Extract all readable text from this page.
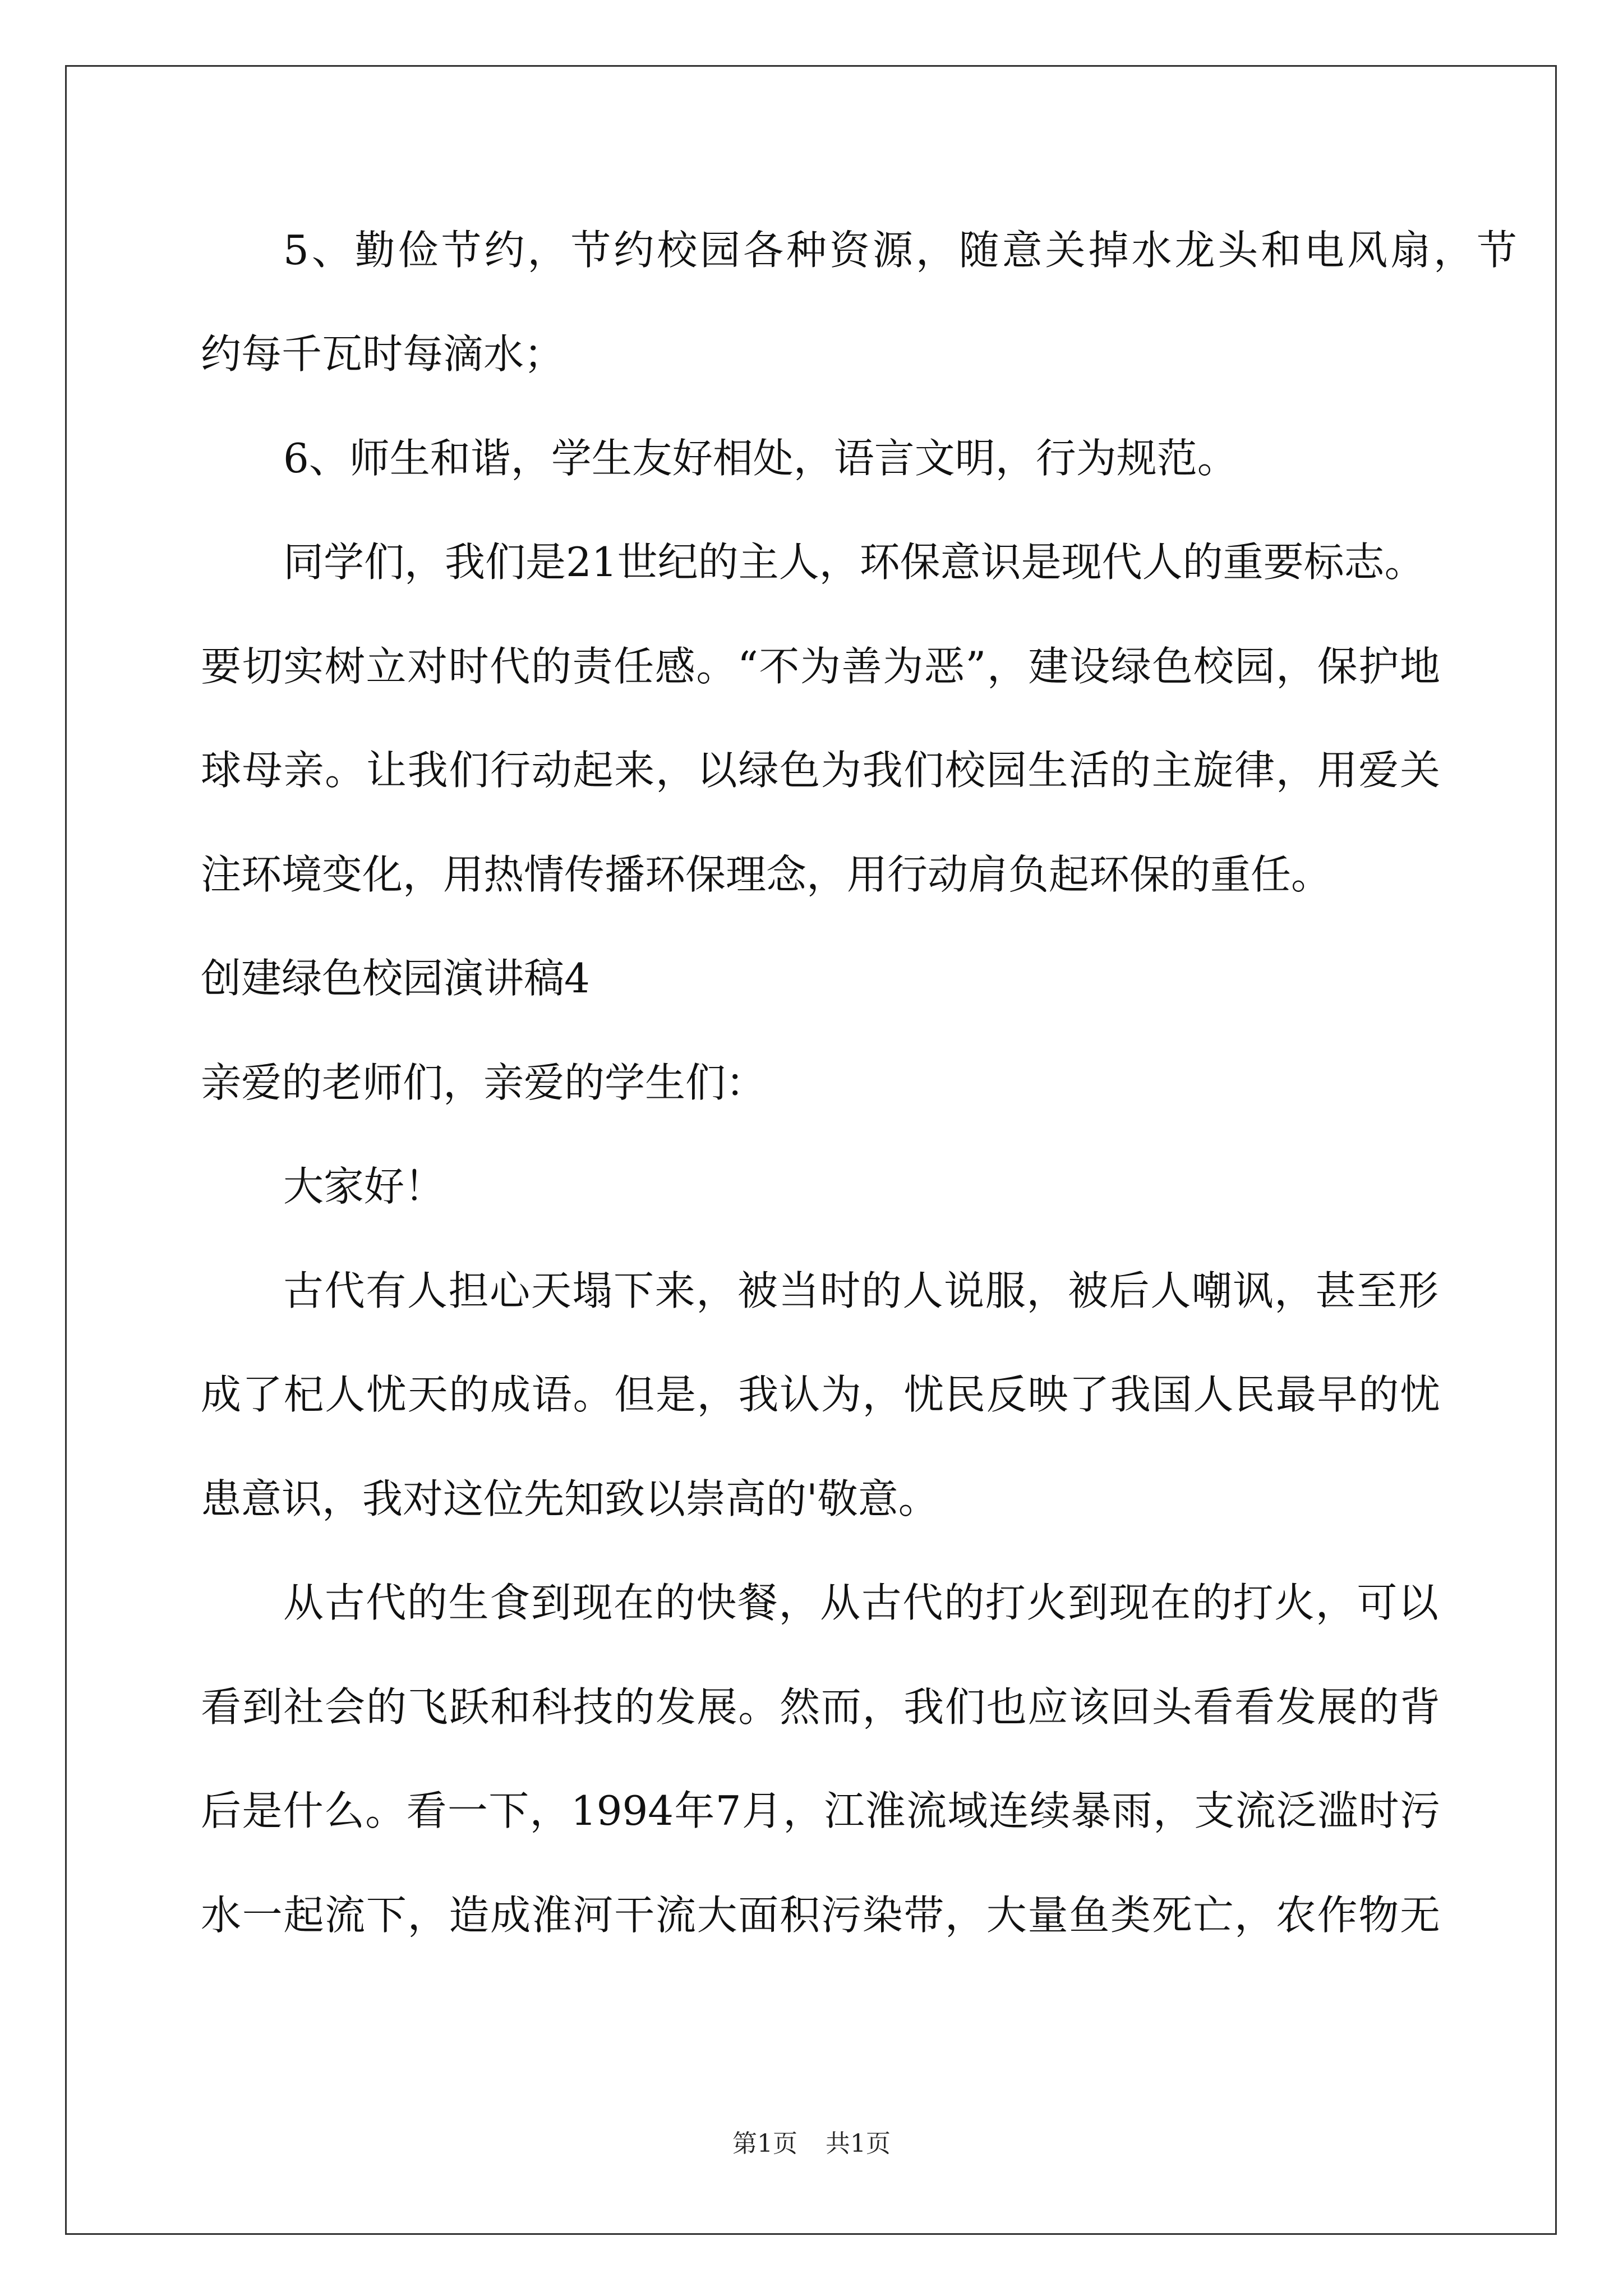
5、勤俭节约，节约校园各种资源，随意关掉水龙头和电风扇，节
约每千瓦时每滴水；
6、师生和谐，学生友好相处，语言文明，行为规范。
同学们，我们是21世纪的主人，环保意识是现代人的重要标志。
要切实树立对时代的责任感。“不为善为恶”，建设绿色校园，保护地
球母亲。让我们行动起来，以绿色为我们校园生活的主旋律，用爱关
注环境变化，用热情传播环保理念，用行动肩负起环保的重任。
创建绿色校园演讲稿4
亲爱的老师们，亲爱的学生们：
大家好！
古代有人担心天塌下来，被当时的人说服，被后人嘲讽，甚至形
成了杞人忧天的成语。但是，我认为，忧民反映了我国人民最早的忧
患意识，我对这位先知致以崇高的'敬意。
从古代的生食到现在的快餐，从古代的打火到现在的打火，可以
看到社会的飞跃和科技的发展。然而，我们也应该回头看看发展的背
后是什么。看一下，1994年7月，江淮流域连续暴雨，支流泛滥时污
水一起流下，造成淮河干流大面积污染带，大量鱼类死亡，农作物无
第1页 共1页
